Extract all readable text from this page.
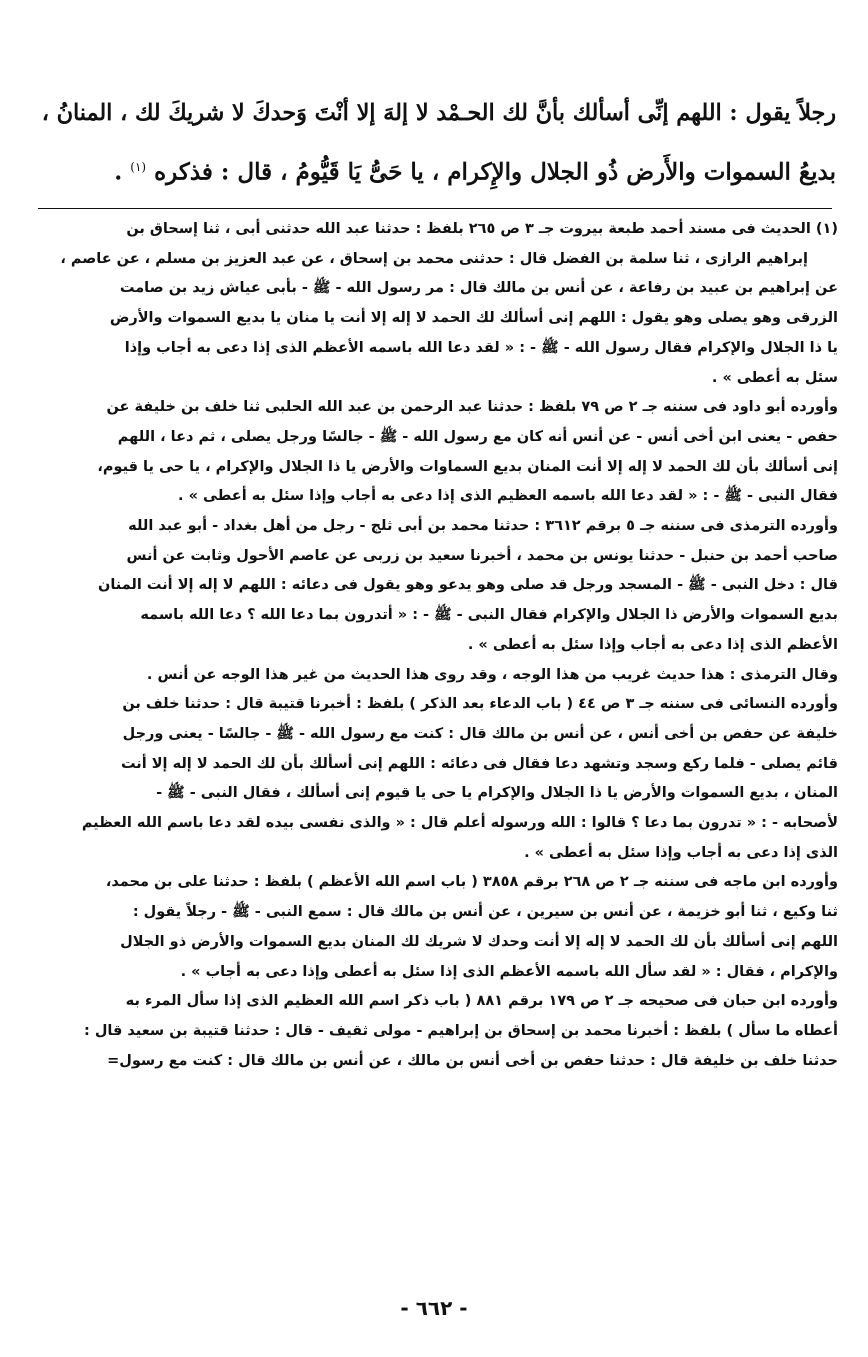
رجلاً يقول : اللهم إنِّى أسألك بأنَّ لك الحـمْد لا إلهَ إلا أنْتَ وَحدكَ لا شريكَ لك ، المنانُ ،
بديعُ السموات والأَرض ذُو الجلال والإِكرام ، يا حَىُّ يَا قَيُّومُ ، قال : فذكره $^{(١)}$ .
(١) الحديث فى مسند أحمد طبعة بيروت جـ ٣ ص ٢٦٥ بلفظ : حدثنا عبد الله حدثنى أبى ، ثنا إسحاق بن
إبراهيم الرازى ، ثنا سلمة بن الفضل قال : حدثنى محمد بن إسحاق ، عن عبد العزيز بن مسلم ، عن عاصم ،
عن إبراهيم بن عبيد بن رفاعة ، عن أنس بن مالك قال : مر رسول الله - ﷺ - بأبى عياش زيد بن صامت
الزرقى وهو يصلى وهو يقول : اللهم إنى أسألك لك الحمد لا إله إلا أنت يا منان يا بديع السموات والأرض
يا ذا الجلال والإكرام فقال رسول الله - ﷺ - : « لقد دعا الله باسمه الأعظم الذى إذا دعى به أجاب وإذا
سئل به أعطى » .
وأورده أبو داود فى سننه جـ ٢ ص ٧٩ بلفظ : حدثنا عبد الرحمن بن عبد الله الحلبى ثنا خلف بن خليفة عن
حفص - يعنى ابن أخى أنس - عن أنس أنه كان مع رسول الله - ﷺ - جالسًا ورجل يصلى ، ثم دعا ، اللهم
إنى أسألك بأن لك الحمد لا إله إلا أنت المنان بديع السماوات والأرض يا ذا الجلال والإكرام ، يا حى يا قيوم،
فقال النبى - ﷺ - : « لقد دعا الله باسمه العظيم الذى إذا دعى به أجاب وإذا سئل به أعطى » .
وأورده الترمذى فى سننه جـ ٥ برقم ٣٦١٢ : حدثنا محمد بن أبى ثلج - رجل من أهل بغداد - أبو عبد الله
صاحب أحمد بن حنبل - حدثنا يونس بن محمد ، أخبرنا سعيد بن زربى عن عاصم الأحول وثابت عن أنس
قال : دخل النبى - ﷺ - المسجد ورجل قد صلى وهو يدعو وهو يقول فى دعائه : اللهم لا إله إلا أنت المنان
بديع السموات والأرض ذا الجلال والإكرام فقال النبى - ﷺ - : « أتدرون بما دعا الله ؟ دعا الله باسمه
الأعظم الذى إذا دعى به أجاب وإذا سئل به أعطى » .
وقال الترمذى : هذا حديث غريب من هذا الوجه ، وقد روى هذا الحديث من غير هذا الوجه عن أنس .
وأورده النسائى فى سننه جـ ٣ ص ٤٤ ( باب الدعاء بعد الذكر ) بلفظ : أخبرنا قتيبة قال : حدثنا خلف بن
خليفة عن حفص بن أخى أنس ، عن أنس بن مالك قال : كنت مع رسول الله - ﷺ - جالسًا - يعنى ورجل
قائم يصلى - فلما ركع وسجد وتشهد دعا فقال فى دعائه : اللهم إنى أسألك بأن لك الحمد لا إله إلا أنت
المنان ، بديع السموات والأرض يا ذا الجلال والإكرام يا حى يا قيوم إنى أسألك ، فقال النبى - ﷺ -
لأصحابه - : « تدرون بما دعا ؟ قالوا : الله ورسوله أعلم قال : « والذى نفسى بيده لقد دعا باسم الله العظيم
الذى إذا دعى به أجاب وإذا سئل به أعطى » .
وأورده ابن ماجه فى سننه جـ ٢ ص ٢٦٨ برقم ٣٨٥٨ ( باب اسم الله الأعظم ) بلفظ : حدثنا على بن محمد،
ثنا وكيع ، ثنا أبو خزيمة ، عن أنس بن سيرين ، عن أنس بن مالك قال : سمع النبى - ﷺ - رجلاً يقول :
اللهم إنى أسألك بأن لك الحمد لا إله إلا أنت وحدك لا شريك لك المنان بديع السموات والأرض ذو الجلال
والإكرام ، فقال : « لقد سأل الله باسمه الأعظم الذى إذا سئل به أعطى وإذا دعى به أجاب » .
وأورده ابن حبان فى صحيحه جـ ٢ ص ١٧٩ برقم ٨٨١ ( باب ذكر اسم الله العظيم الذى إذا سأل المرء به
أعطاه ما سأل ) بلفظ : أخبرنا محمد بن إسحاق بن إبراهيم - مولى ثقيف - قال : حدثنا قتيبة بن سعيد قال :
حدثنا خلف بن خليفة قال : حدثنا حفص بن أخى أنس بن مالك ، عن أنس بن مالك قال : كنت مع رسول=
- ٦٦٢ -
